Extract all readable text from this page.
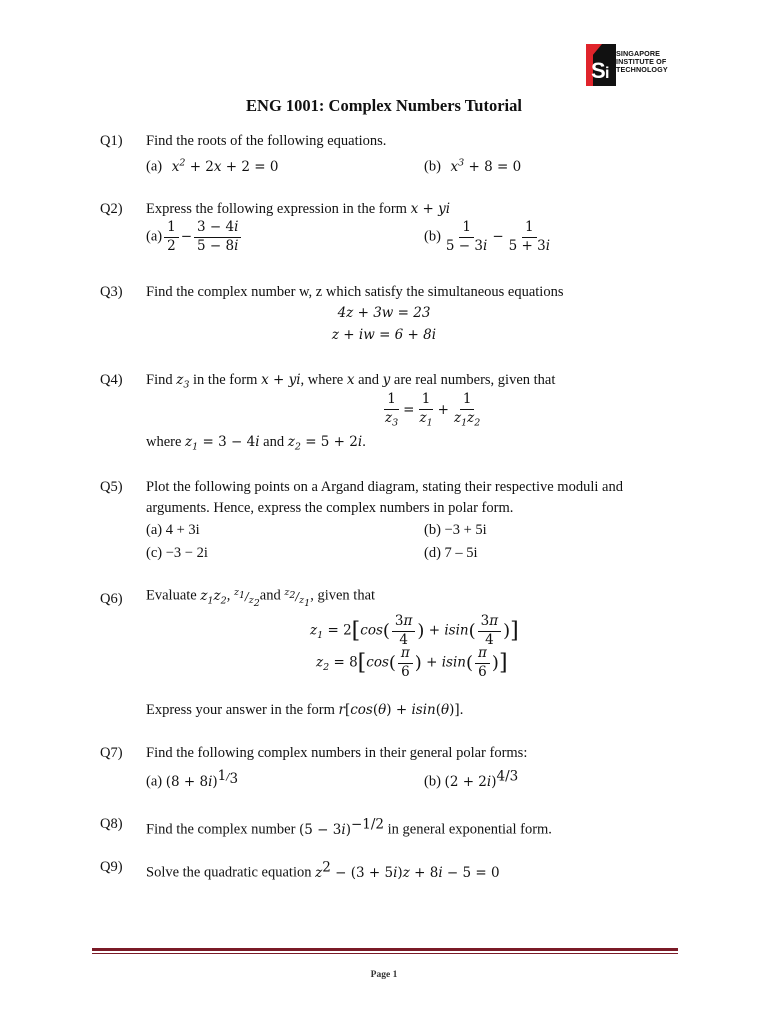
S i
SINGAPORE
INSTITUTE OF
TECHNOLOGY
ENG 1001: Complex Numbers Tutorial
Q1) Find the roots of the following equations.
(a) $x^2 + 2x + 2 = 0$	(b) $x^3 + 8 = 0$
Q2) Express the following expression in the form x + yi
$(a) \frac{1}{2} - \frac{3 - 4i}{5 - 8i}$	$(b) \frac{1}{5 - 3i} - \frac{1}{5 + 3i}$
Q3) Find the complex number w, z which satisfy the simultaneous equations
4z + 3w = 23
z + iw = 6 + 8i
Q4) Find $z_3$ in the form x + yi, where x and y are real numbers, given that
$\frac{1}{z_3} = \frac{1}{z_1} + \frac{1}{z_1z_2}$
where $z_1 = 3 - 4i$ and $z_2 = 5 + 2i$.
Q5) Plot the following points on a Argand diagram, stating their respective moduli and
arguments. Hence, express the complex numbers in polar form.
(a) 4 + 3i	(b) −3 + 5i
(c) −3 − 2i	(d) 7 – 5i
Q6) Evaluate $z_1z_2$, $^{z_1}/_{z_2}and$ $^{z_2}/_{z_1}$, given that
$z_1 = 2[\cos( \frac{3\pi}{4}$ ) + $isin( \frac{3\pi}{4}$ )]
$z_2 = 8[\cos( \frac{\pi}{6}$ ) + $isin( \frac{\pi}{6}$ )]
Express your answer in the form r[cos(θ) + isin(θ)].
Q7) Find the following complex numbers in their general polar forms:
(a) $(8 + 8i)^{1/_3}$	(b) $(2 + 2i)^{4/3}$
Q8) Find the complex number $(5 - 3i)^{-1/2}$ in general exponential form.
Q9) Solve the quadratic equation $z^2 - (3 + 5i)z + 8i - 5 = 0$
Page 1
